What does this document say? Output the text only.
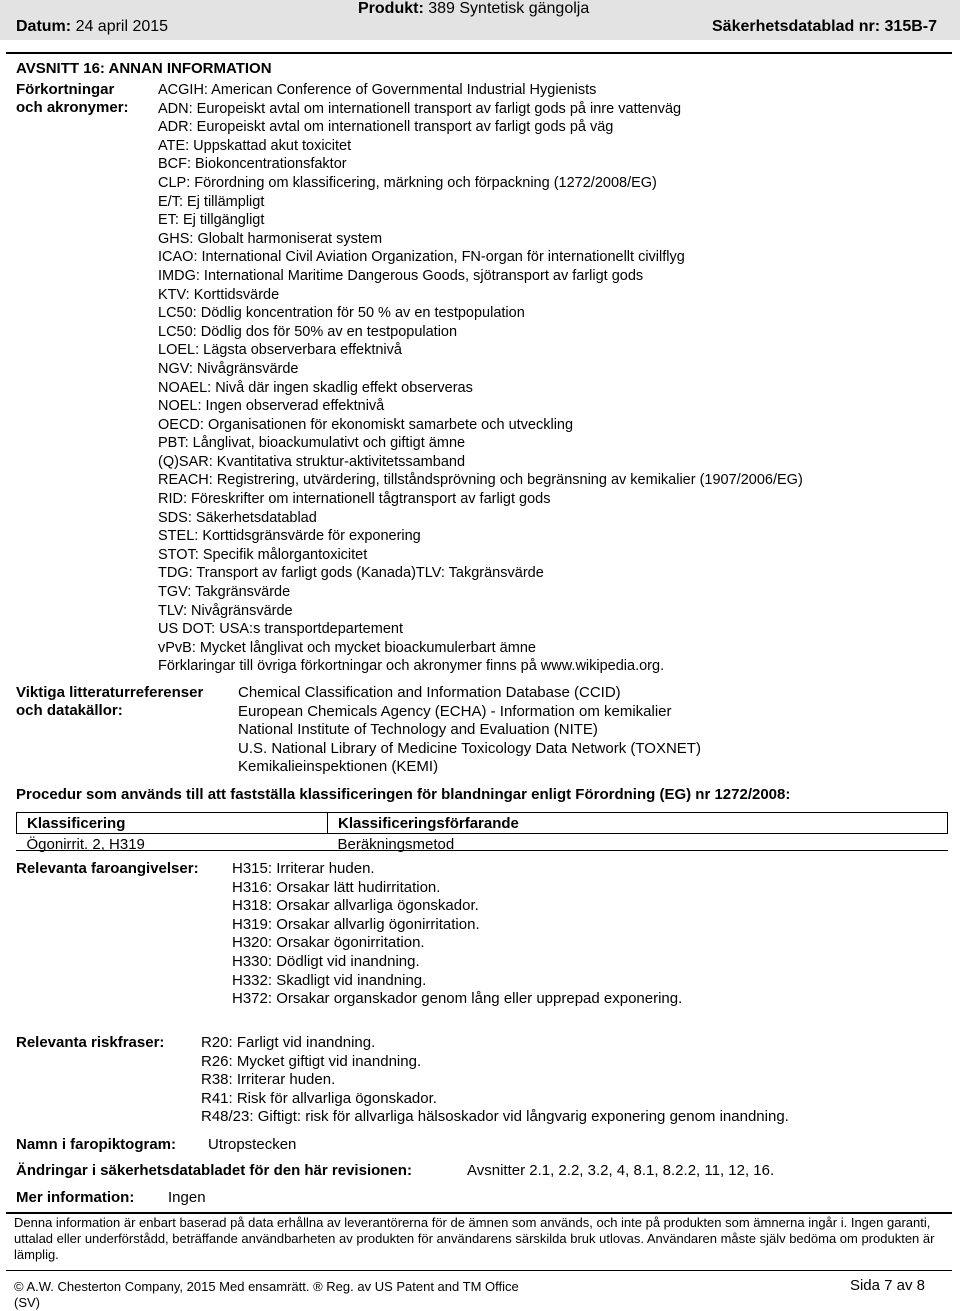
Datum: 24 april 2015
Produkt: 389 Syntetisk gängolja
Säkerhetsdatablad nr: 315B-7
AVSNITT 16: ANNAN INFORMATION
Förkortningar
och akronymer:
ACGIH: American Conference of Governmental Industrial Hygienists
ADN: Europeiskt avtal om internationell transport av farligt gods på inre vattenväg
ADR: Europeiskt avtal om internationell transport av farligt gods på väg
ATE: Uppskattad akut toxicitet
BCF: Biokoncentrationsfaktor
CLP: Förordning om klassificering, märkning och förpackning (1272/2008/EG)
E/T: Ej tillämpligt
ET: Ej tillgängligt
GHS: Globalt harmoniserat system
ICAO: International Civil Aviation Organization, FN-organ för internationellt civilflyg
IMDG: International Maritime Dangerous Goods, sjötransport av farligt gods
KTV: Korttidsvärde
LC50: Dödlig koncentration för 50 % av en testpopulation
LC50: Dödlig dos för 50% av en testpopulation
LOEL: Lägsta observerbara effektnivå
NGV: Nivågränsvärde
NOAEL: Nivå där ingen skadlig effekt observeras
NOEL: Ingen observerad effektnivå
OECD: Organisationen för ekonomiskt samarbete och utveckling
PBT: Långlivat, bioackumulativt och giftigt ämne
(Q)SAR: Kvantitativa struktur-aktivitetssamband
REACH: Registrering, utvärdering, tillståndsprövning och begränsning av kemikalier (1907/2006/EG)
RID: Föreskrifter om internationell tågtransport av farligt gods
SDS: Säkerhetsdatablad
STEL: Korttidsgränsvärde för exponering
STOT: Specifik målorgantoxicitet
TDG: Transport av farligt gods (Kanada)TLV: Takgränsvärde
TGV: Takgränsvärde
TLV: Nivågränsvärde
US DOT: USA:s transportdepartement
vPvB: Mycket långlivat och mycket bioackumulerbart ämne
Förklaringar till övriga förkortningar och akronymer finns på www.wikipedia.org.
Viktiga litteraturreferenser
och datakällor:
Chemical Classification and Information Database (CCID)
European Chemicals Agency (ECHA) - Information om kemikalier
National Institute of Technology and Evaluation (NITE)
U.S. National Library of Medicine Toxicology Data Network (TOXNET)
Kemikalieinspektionen (KEMI)
Procedur som används till att fastställa klassificeringen för blandningar enligt Förordning (EG) nr 1272/2008:
Klassificering	Klassificeringsförfarande
Ögonirrit. 2, H319	Beräkningsmetod
Relevanta faroangivelser: H315: Irriterar huden.
H316: Orsakar lätt hudirritation.
H318: Orsakar allvarliga ögonskador.
H319: Orsakar allvarlig ögonirritation.
H320: Orsakar ögonirritation.
H330: Dödligt vid inandning.
H332: Skadligt vid inandning.
H372: Orsakar organskador genom lång eller upprepad exponering.
Relevanta riskfraser: R20: Farligt vid inandning.
R26: Mycket giftigt vid inandning.
R38: Irriterar huden.
R41: Risk för allvarliga ögonskador.
R48/23: Giftigt: risk för allvarliga hälsoskador vid långvarig exponering genom inandning.
Namn i faropiktogram: Utropstecken
Ändringar i säkerhetsdatabladet för den här revisionen:	Avsnitter 2.1, 2.2, 3.2, 4, 8.1, 8.2.2, 11, 12, 16.
Mer information: Ingen
Denna information är enbart baserad på data erhållna av leverantörerna för de ämnen som används, och inte på produkten som ämnerna ingår i. Ingen garanti, uttalad eller underförstådd, beträffande användbarheten av produkten för användarens särskilda bruk utlovas. Användaren måste själv bedöma om produkten är lämplig.
© A.W. Chesterton Company, 2015 Med ensamrätt. ® Reg. av US Patent and TM Office
(SV)
Sida 7 av 8
